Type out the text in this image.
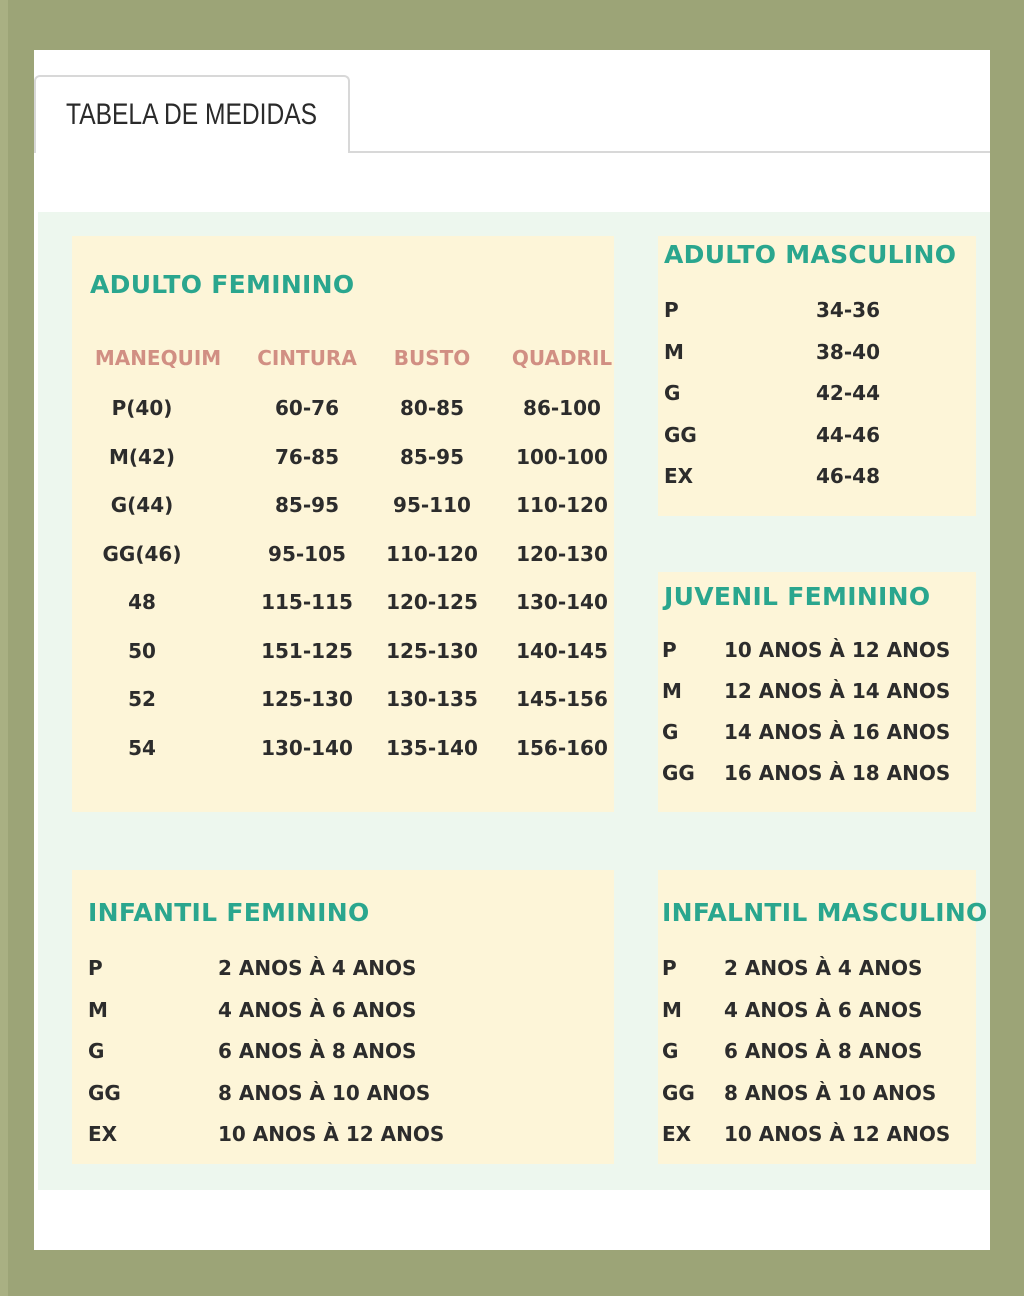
TABELA DE MEDIDAS
ADULTO FEMININO
MANEQUIM	CINTURA	BUSTO	QUADRIL
P(40)	60-76	80-85	86-100
M(42)	76-85	85-95	100-100
G(44)	85-95	95-110	110-120
GG(46)	95-105	110-120	120-130
48	115-115	120-125	130-140
50	151-125	125-130	140-145
52	125-130	130-135	145-156
54	130-140	135-140	156-160
ADULTO MASCULINO
P	34-36
M	38-40
G	42-44
GG	44-46
EX	46-48
JUVENIL FEMININO
P 10 ANOS À 12 ANOS
M 12 ANOS À 14 ANOS
G 14 ANOS À 16 ANOS
GG 16 ANOS À 18 ANOS
INFANTIL FEMININO
P	2 ANOS À 4 ANOS
M	4 ANOS À 6 ANOS
G	6 ANOS À 8 ANOS
GG	8 ANOS À 10 ANOS
EX	10 ANOS À 12 ANOS
INFALNTIL MASCULINO
P 2 ANOS À 4 ANOS
M 4 ANOS À 6 ANOS
G 6 ANOS À 8 ANOS
GG 8 ANOS À 10 ANOS
EX 10 ANOS À 12 ANOS
